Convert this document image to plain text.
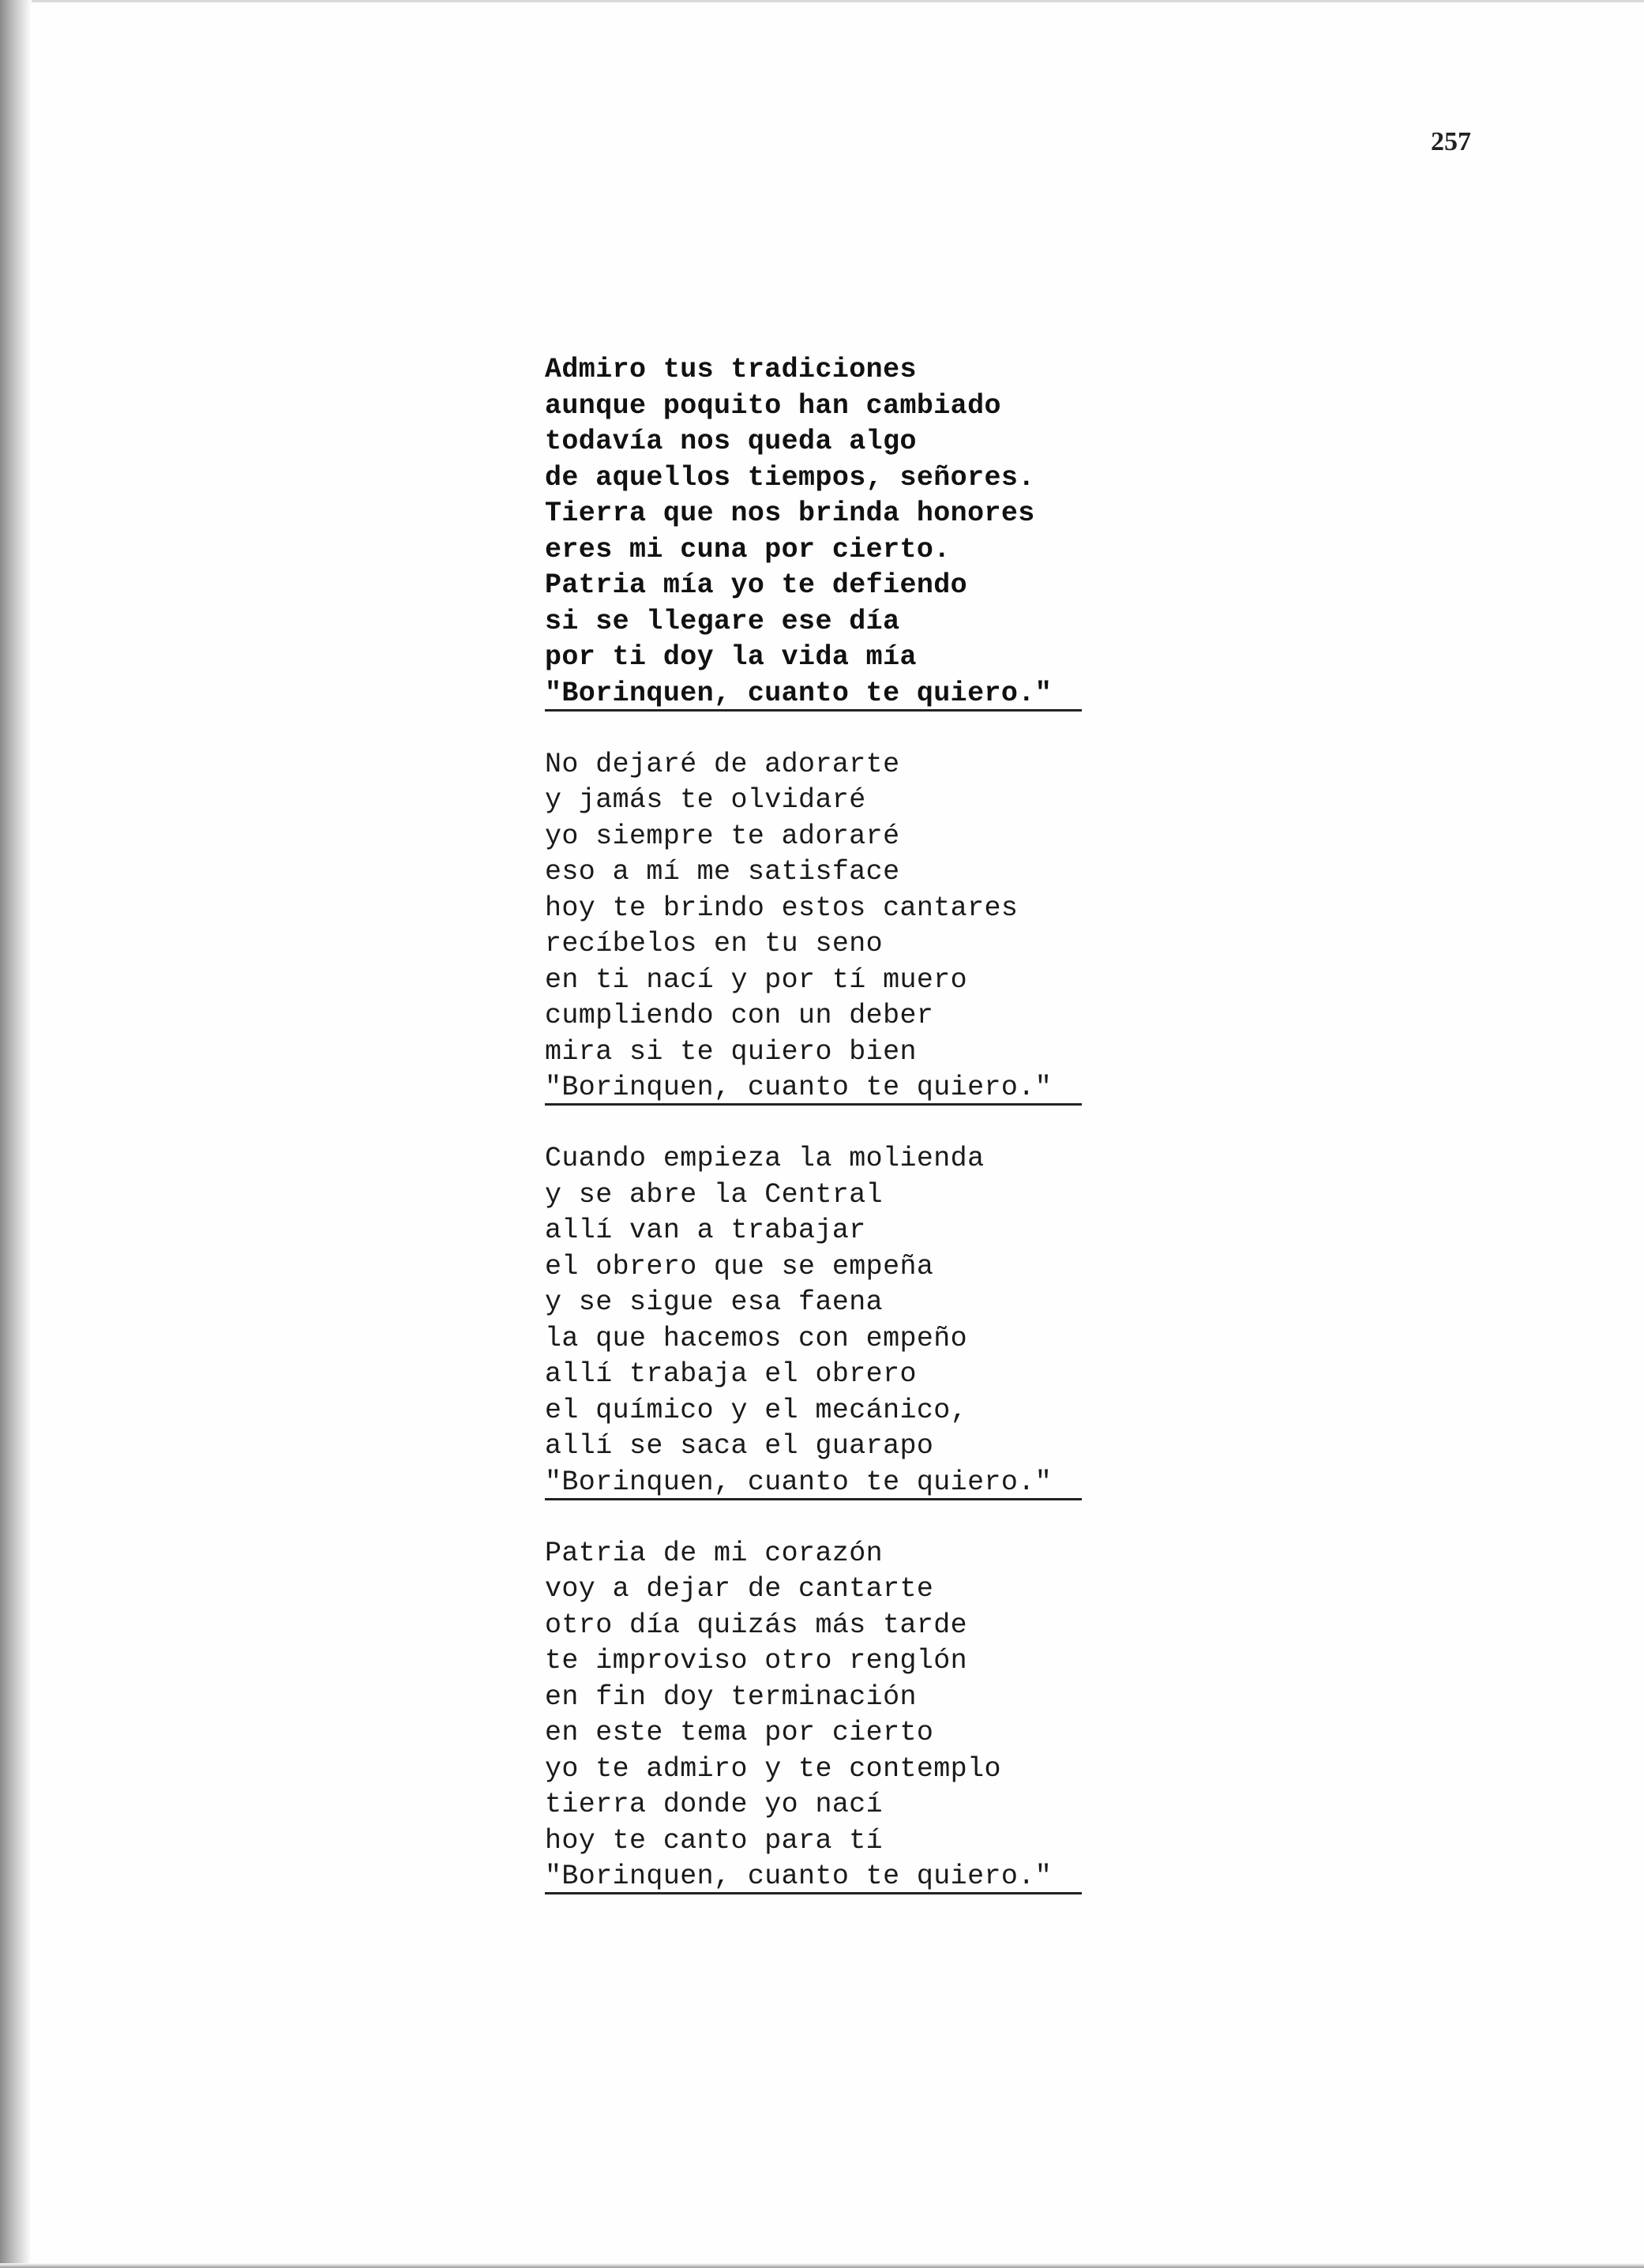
257
Admiro tus tradiciones
aunque poquito han cambiado
todavía nos queda algo
de aquellos tiempos, señores.
Tierra que nos brinda honores
eres mi cuna por cierto.
Patria mía yo te defiendo
si se llegare ese día
por ti doy la vida mía
"Borinquen, cuanto te quiero."
No dejaré de adorarte
y jamás te olvidaré
yo siempre te adoraré
eso a mí me satisface
hoy te brindo estos cantares
recíbelos en tu seno
en ti nací y por tí muero
cumpliendo con un deber
mira si te quiero bien
"Borinquen, cuanto te quiero."
Cuando empieza la molienda
y se abre la Central
allí van a trabajar
el obrero que se empeña
y se sigue esa faena
la que hacemos con empeño
allí trabaja el obrero
el químico y el mecánico,
allí se saca el guarapo
"Borinquen, cuanto te quiero."
Patria de mi corazón
voy a dejar de cantarte
otro día quizás más tarde
te improviso otro renglón
en fin doy terminación
en este tema por cierto
yo te admiro y te contemplo
tierra donde yo nací
hoy te canto para tí
"Borinquen, cuanto te quiero."
